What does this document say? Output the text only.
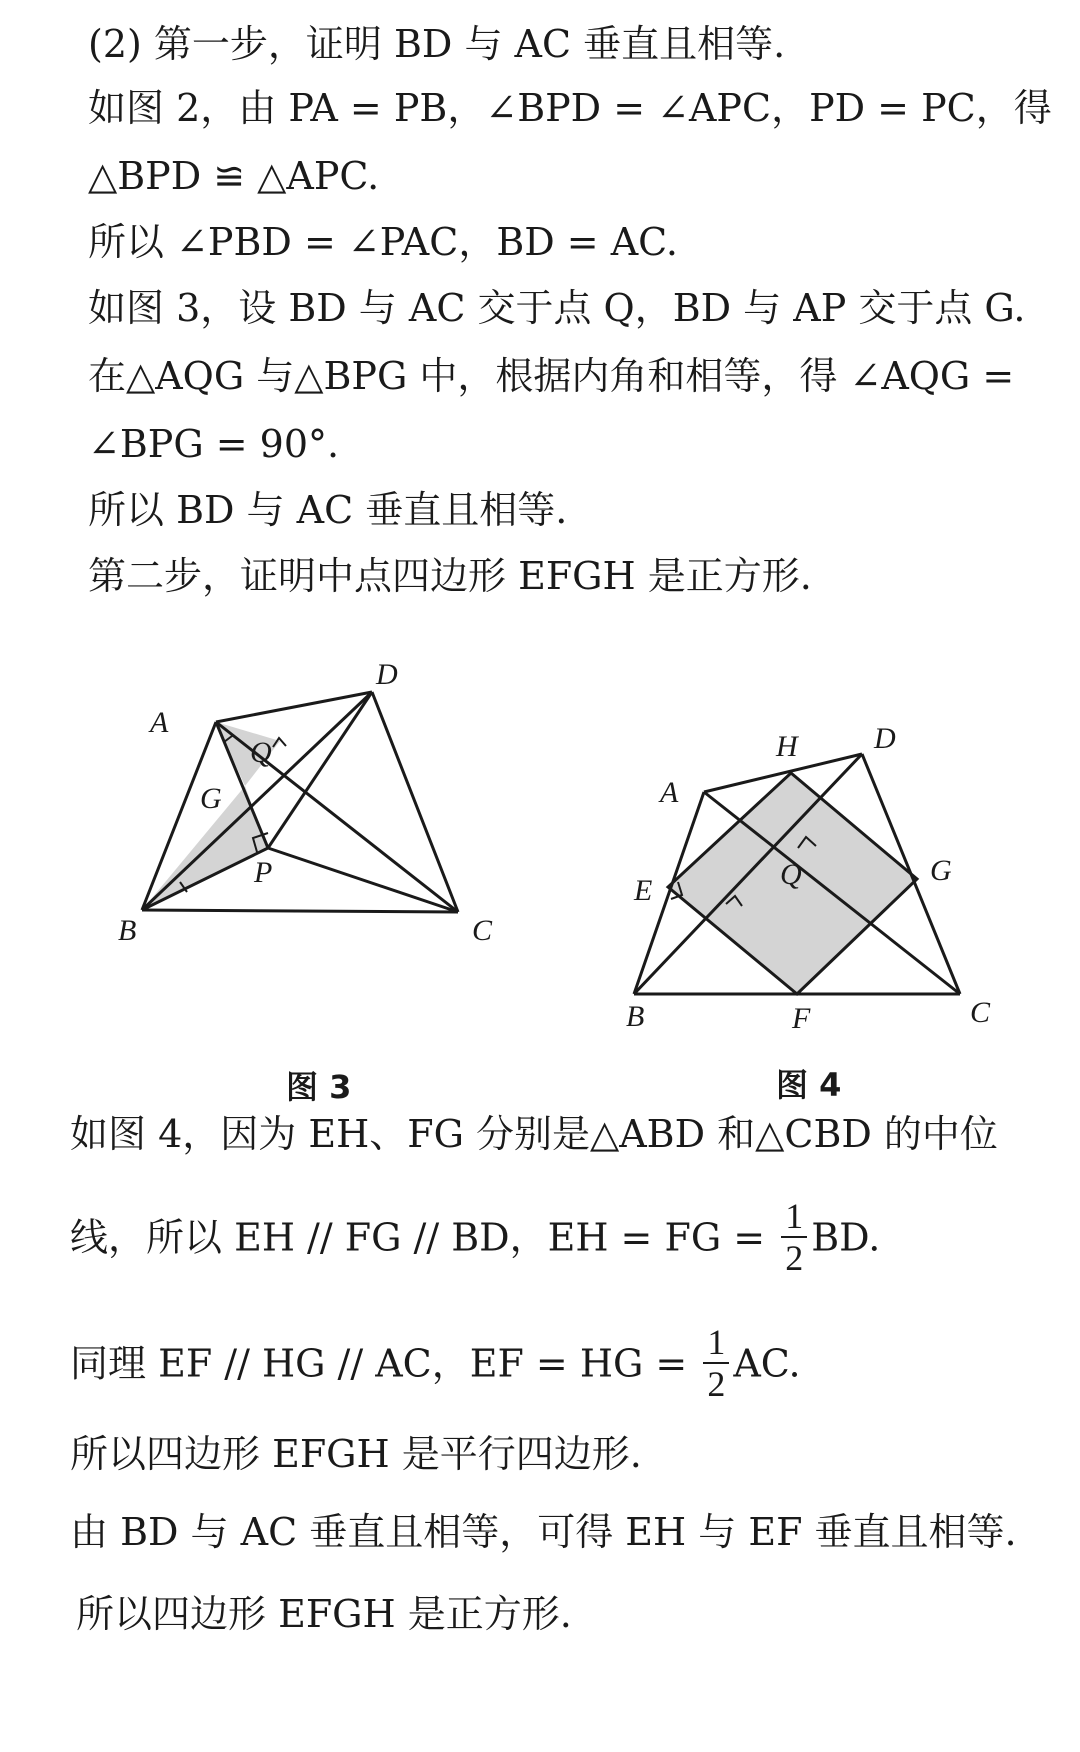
(2) 第一步，证明 BD 与 AC 垂直且相等.
如图 2，由 PA = PB，∠BPD = ∠APC，PD = PC，得
△BPD ≌ △APC.
所以 ∠PBD = ∠PAC，BD = AC.
如图 3，设 BD 与 AC 交于点 Q，BD 与 AP 交于点 G.
在△AQG 与△BPG 中，根据内角和相等，得 ∠AQG =
∠BPG = 90°.
所以 BD 与 AC 垂直且相等.
第二步，证明中点四边形 EFGH 是正方形.
A
B	C
D
P
Q
G
图 3
A
B	C
D
E
F
G
H
Q
图 4
如图 4，因为 EH、FG 分别是△ABD 和△CBD 的中位
线，所以 EH // FG // BD，EH = FG = $\frac{1}{2}$ BD.
同理 EF // HG // AC，EF = HG = $\frac{1}{2}$ AC.
所以四边形 EFGH 是平行四边形.
由 BD 与 AC 垂直且相等，可得 EH 与 EF 垂直且相等.
所以四边形 EFGH 是正方形.
